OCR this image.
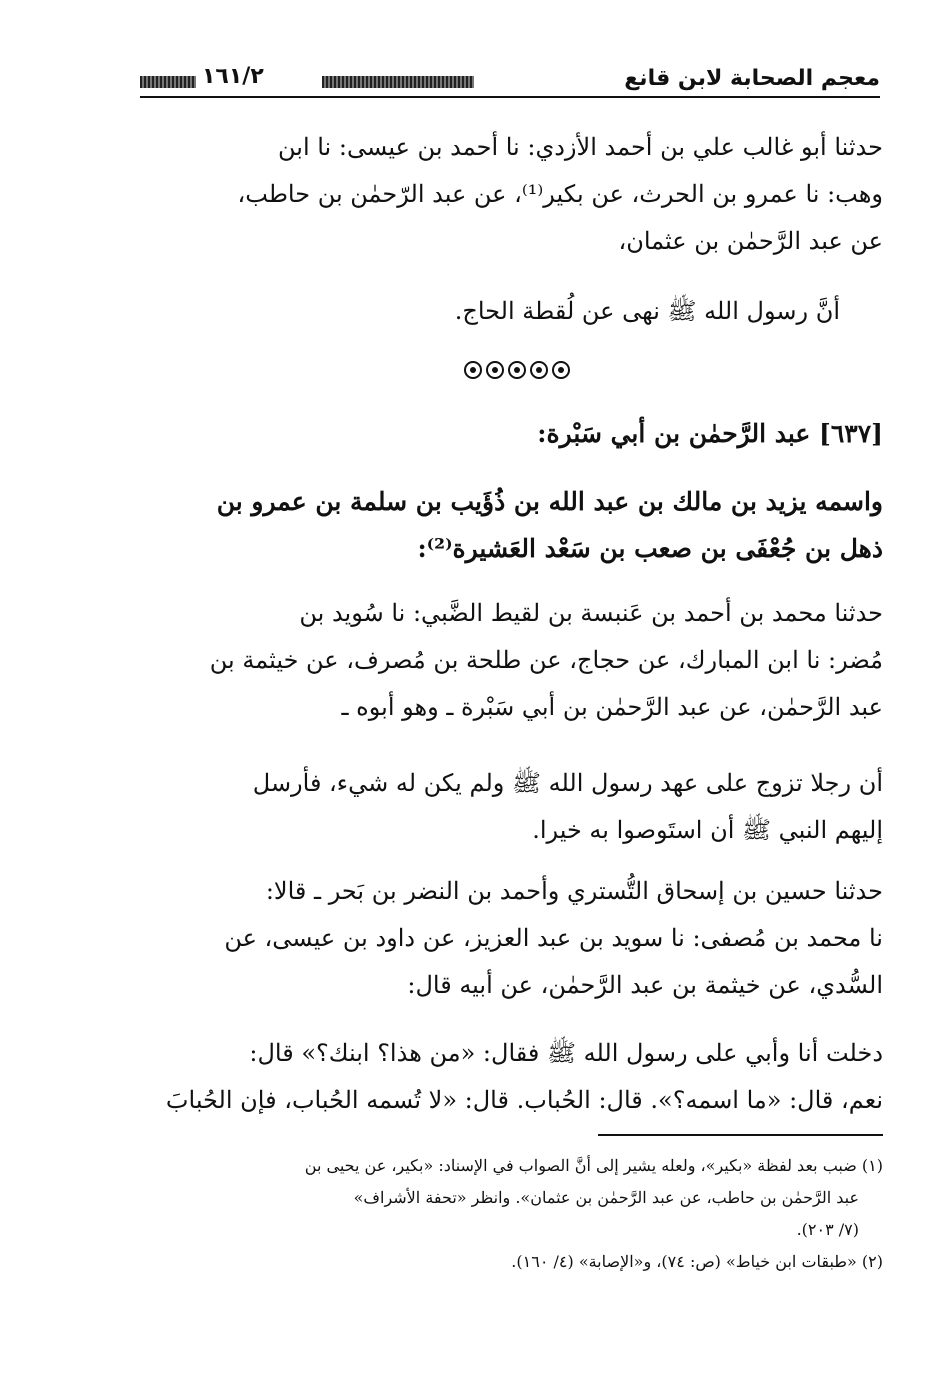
معجم الصحابة لابن قانع
١٦١/٢
حدثنا أبو غالب علي بن أحمد الأزدي: نا أحمد بن عيسى: نا ابن
وهب: نا عمرو بن الحرث، عن بكير⁽¹⁾، عن عبد الرّحمٰن بن حاطب،
عن عبد الرَّحمٰن بن عثمان،
أنَّ رسول الله ﷺ نهى عن لُقطة الحاج.
[٦٣٧] عبد الرَّحمٰن بن أبي سَبْرة:
واسمه يزيد بن مالك بن عبد الله بن ذُؤَيب بن سلمة بن عمرو بن
ذهل بن جُعْفَى بن صعب بن سَعْد العَشيرة⁽²⁾:
حدثنا محمد بن أحمد بن عَنبسة بن لقيط الضَّبي: نا سُويد بن
مُضر: نا ابن المبارك، عن حجاج، عن طلحة بن مُصرف، عن خيثمة بن
عبد الرَّحمٰن، عن عبد الرَّحمٰن بن أبي سَبْرة ـ وهو أبوه ـ
أن رجلا تزوج على عهد رسول الله ﷺ ولم يكن له شيء، فأرسل
إليهم النبي ﷺ أن استَوصوا به خيرا.
حدثنا حسين بن إسحاق التُّستري وأحمد بن النضر بن بَحر ـ قالا:
نا محمد بن مُصفى: نا سويد بن عبد العزيز، عن داود بن عيسى، عن
السُّدي، عن خيثمة بن عبد الرَّحمٰن، عن أبيه قال:
دخلت أنا وأبي على رسول الله ﷺ فقال: «من هذا؟ ابنك؟» قال:
نعم، قال: «ما اسمه؟». قال: الحُباب. قال: «لا تُسمه الحُباب، فإن الحُبابَ
(١) ضبب بعد لفظة «بكير»، ولعله يشير إلى أنَّ الصواب في الإسناد: «بكير، عن يحيى بن
عبد الرَّحمٰن بن حاطب، عن عبد الرَّحمٰن بن عثمان». وانظر «تحفة الأشراف»
(٧/ ٢٠٣).
(٢) «طبقات ابن خياط» (ص: ٧٤)، و«الإصابة» (٤/ ١٦٠).
